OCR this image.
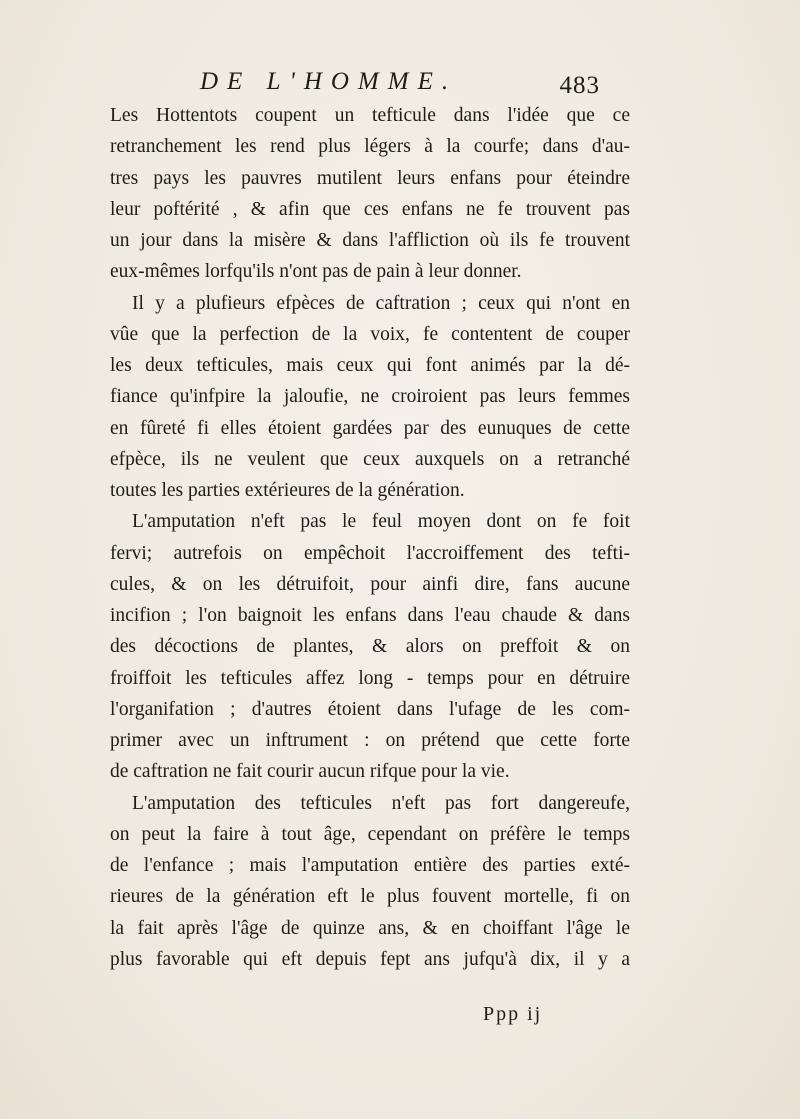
DE L'HOMME.	483
Les Hottentots coupent un tefticule dans l'idée que ce
retranchement les rend plus légers à la courfe; dans d'au-
tres pays les pauvres mutilent leurs enfans pour éteindre
leur poftérité , & afin que ces enfans ne fe trouvent pas
un jour dans la misère & dans l'affliction où ils fe trouvent
eux-mêmes lorfqu'ils n'ont pas de pain à leur donner.
Il y a plufieurs efpèces de caftration ; ceux qui n'ont en
vûe que la perfection de la voix, fe contentent de couper
les deux tefticules, mais ceux qui font animés par la dé-
fiance qu'infpire la jaloufie, ne croiroient pas leurs femmes
en fûreté fi elles étoient gardées par des eunuques de cette
efpèce, ils ne veulent que ceux auxquels on a retranché
toutes les parties extérieures de la génération.
L'amputation n'eft pas le feul moyen dont on fe foit
fervi; autrefois on empêchoit l'accroiffement des tefti-
cules, & on les détruifoit, pour ainfi dire, fans aucune
incifion ; l'on baignoit les enfans dans l'eau chaude & dans
des décoctions de plantes, & alors on preffoit & on
froiffoit les tefticules affez long - temps pour en détruire
l'organifation ; d'autres étoient dans l'ufage de les com-
primer avec un inftrument : on prétend que cette forte
de caftration ne fait courir aucun rifque pour la vie.
L'amputation des tefticules n'eft pas fort dangereufe,
on peut la faire à tout âge, cependant on préfère le temps
de l'enfance ; mais l'amputation entière des parties exté-
rieures de la génération eft le plus fouvent mortelle, fi on
la fait après l'âge de quinze ans, & en choiffant l'âge le
plus favorable qui eft depuis fept ans jufqu'à dix, il y a
Ppp ij
